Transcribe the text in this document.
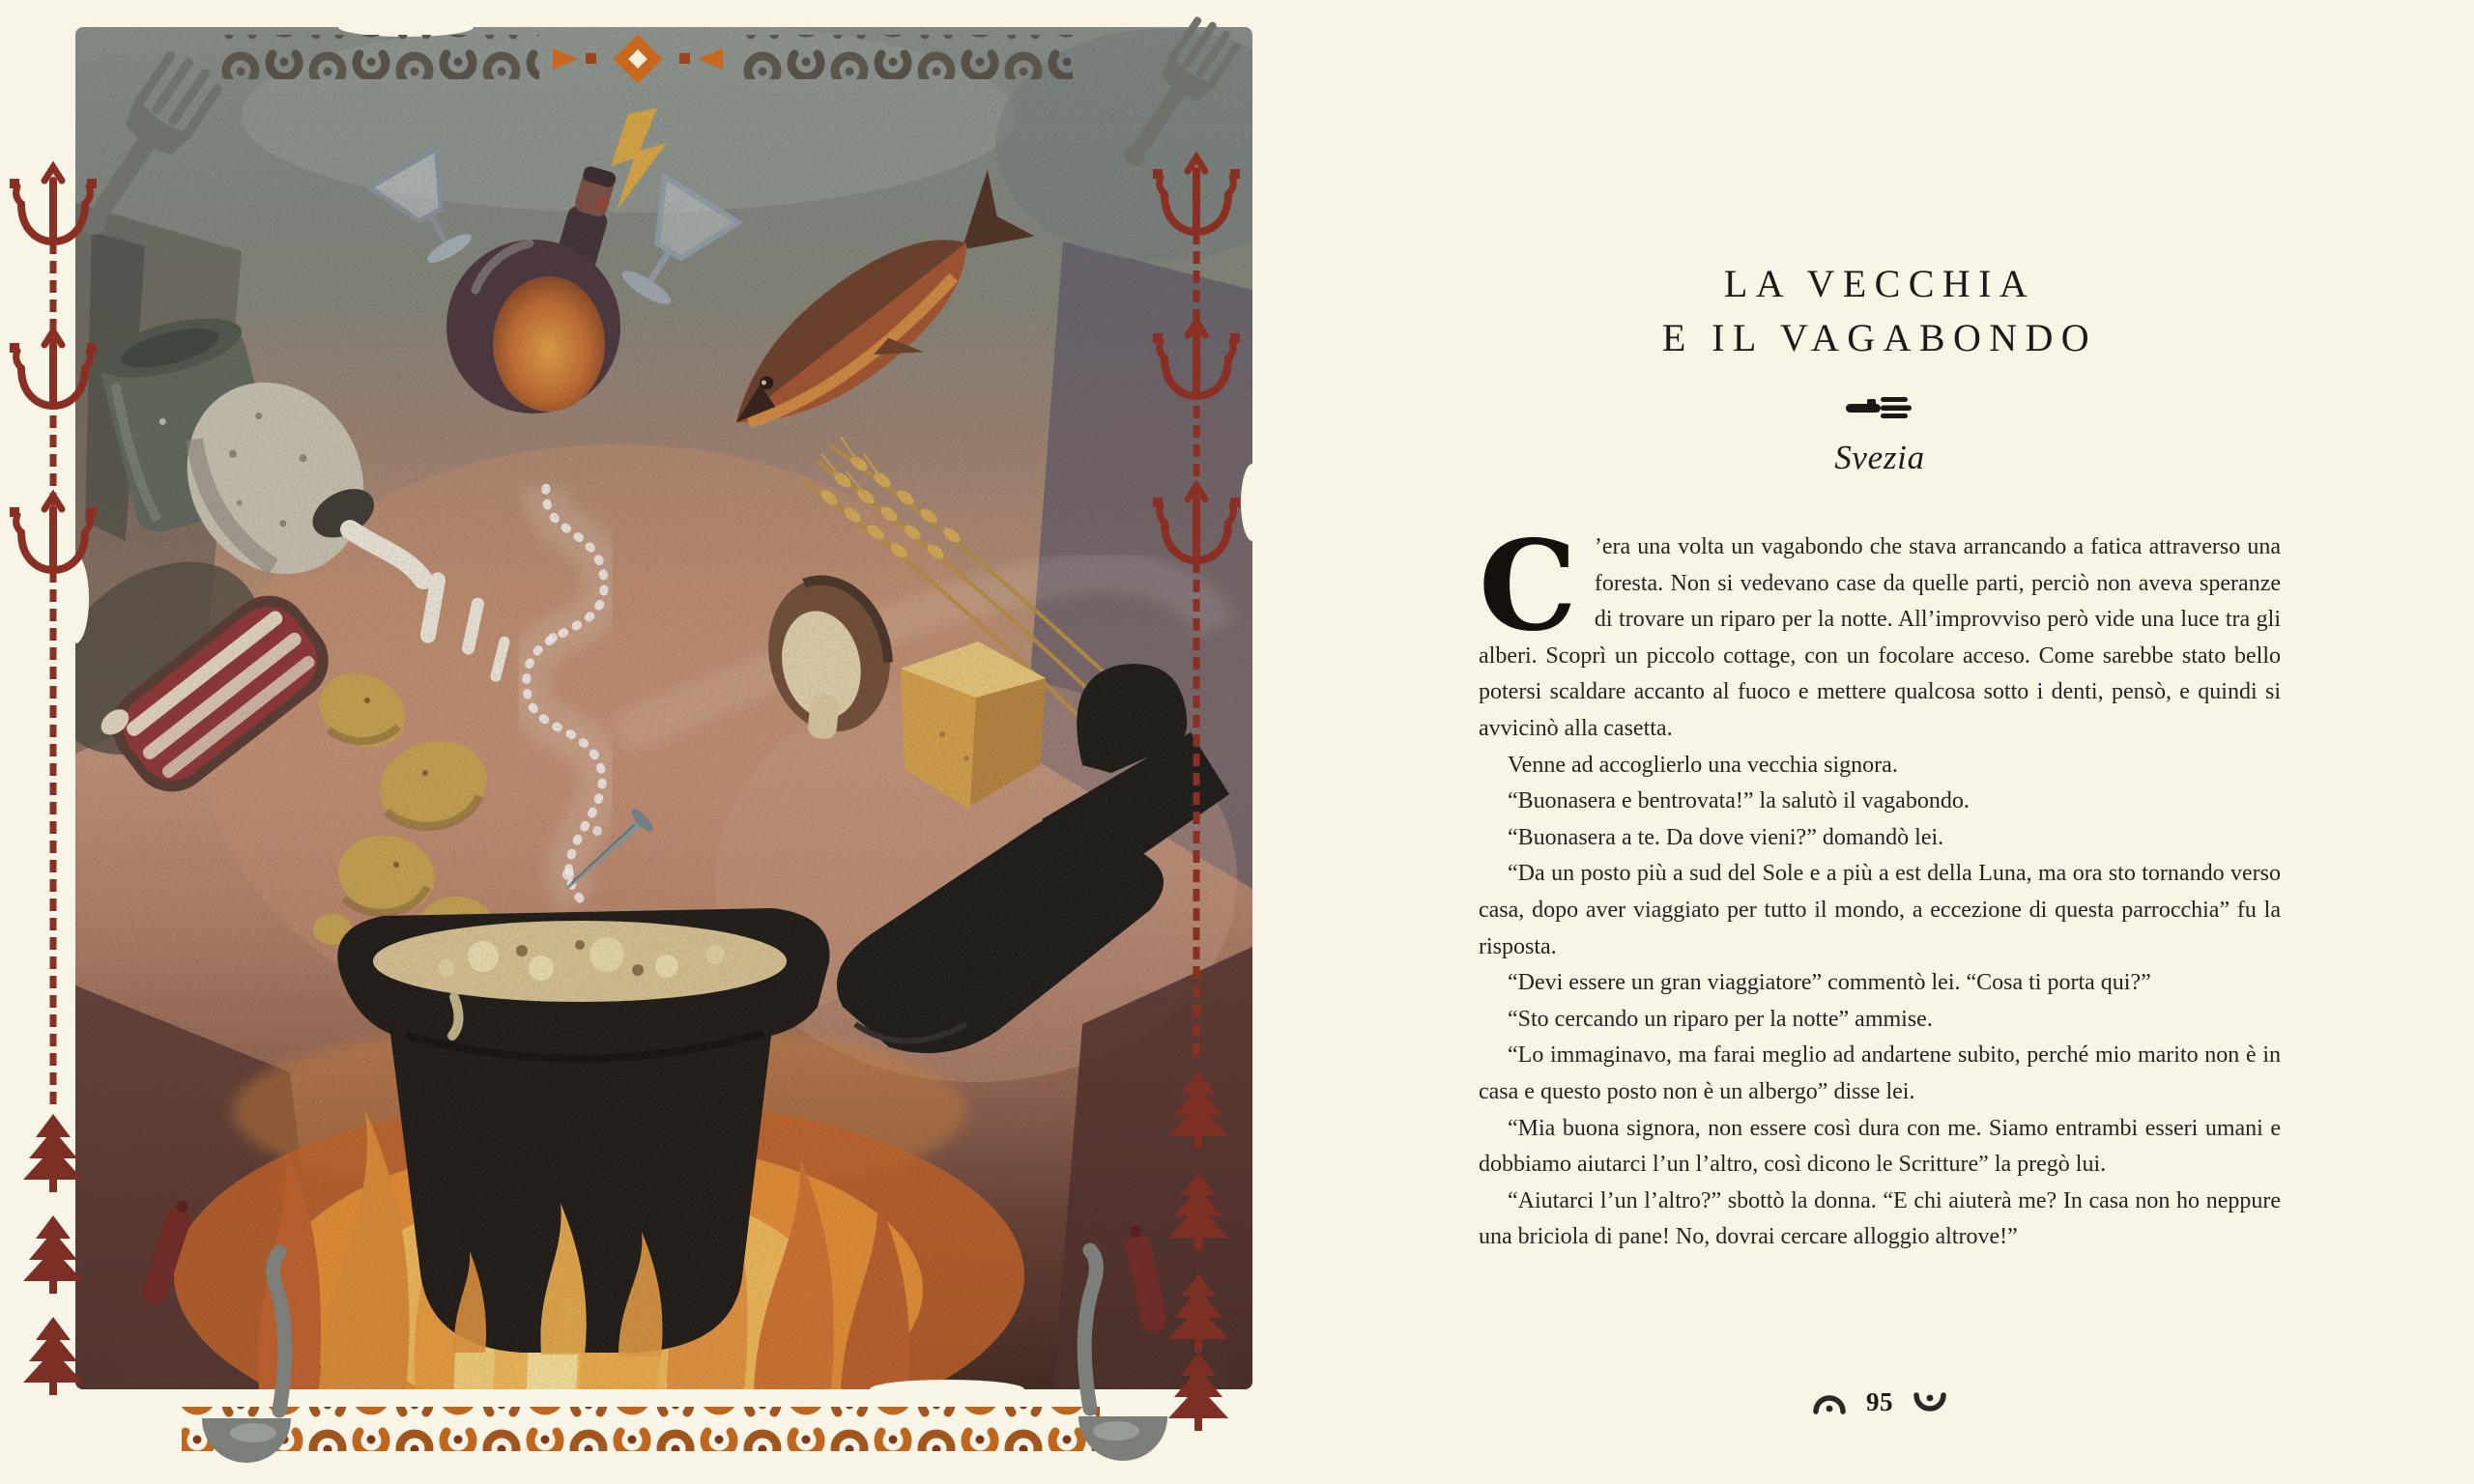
LA VECCHIA
E IL VAGABONDO
Svezia

C ’era una volta un vagabondo che stava arrancando a fatica attraverso una foresta. Non si vedevano case da quelle parti, perciò non aveva speranze di trovare un riparo per la notte. All’improvviso però vide una luce tra gli alberi. Scoprì un piccolo cottage, con un focolare acceso. Come sarebbe stato bello potersi scaldare accanto al fuoco e mettere qualcosa sotto i denti, pensò, e quindi si avvicinò alla casetta.

Venne ad accoglierlo una vecchia signora.

“Buonasera e bentrovata!” la salutò il vagabondo.

“Buonasera a te. Da dove vieni?” domandò lei.

“Da un posto più a sud del Sole e a più a est della Luna, ma ora sto tornando verso casa, dopo aver viaggiato per tutto il mondo, a eccezione di questa parrocchia” fu la risposta.

“Devi essere un gran viaggiatore” commentò lei. “Cosa ti porta qui?”

“Sto cercando un riparo per la notte” ammise.

“Lo immaginavo, ma farai meglio ad andartene subito, perché mio marito non è in casa e questo posto non è un albergo” disse lei.

“Mia buona signora, non essere così dura con me. Siamo entrambi esseri umani e dobbiamo aiutarci l’un l’altro, così dicono le Scritture” la pregò lui.

“Aiutarci l’un l’altro?” sbottò la donna. “E chi aiuterà me? In casa non ho neppure una briciola di pane! No, dovrai cercare alloggio altrove!”

95
